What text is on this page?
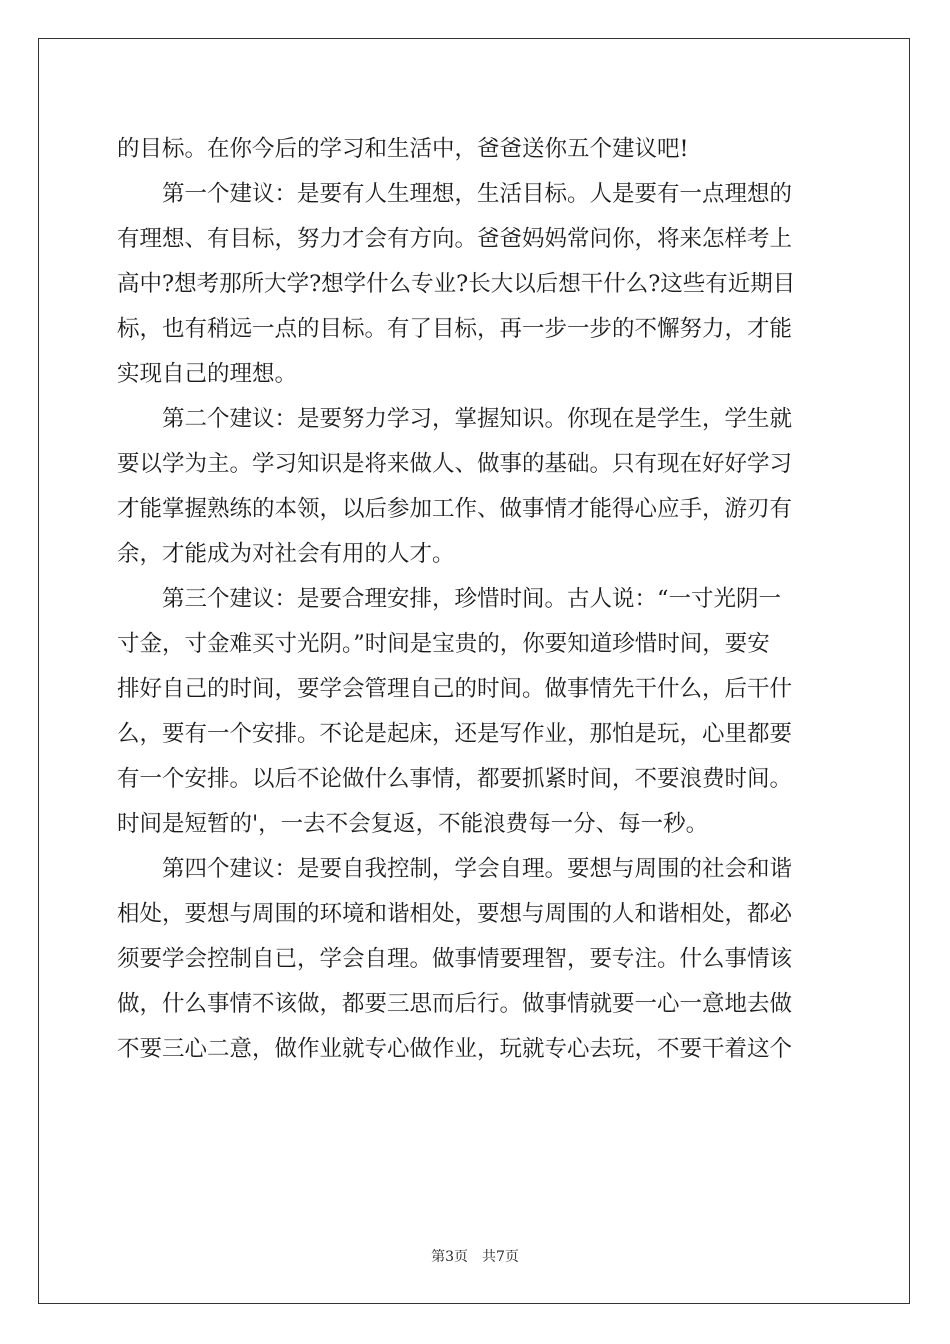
的目标。在你今后的学习和生活中，爸爸送你五个建议吧!
　　第一个建议：是要有人生理想，生活目标。人是要有一点理想的
有理想、有目标，努力才会有方向。爸爸妈妈常问你，将来怎样考上
高中?想考那所大学?想学什么专业?长大以后想干什么?这些有近期目
标，也有稍远一点的目标。有了目标，再一步一步的不懈努力，才能
实现自己的理想。
　　第二个建议：是要努力学习，掌握知识。你现在是学生，学生就
要以学为主。学习知识是将来做人、做事的基础。只有现在好好学习
才能掌握熟练的本领，以后参加工作、做事情才能得心应手，游刃有
余，才能成为对社会有用的人才。
　　第三个建议：是要合理安排，珍惜时间。古人说：“一寸光阴一
寸金，寸金难买寸光阴。”时间是宝贵的，你要知道珍惜时间，要安
排好自己的时间，要学会管理自己的时间。做事情先干什么，后干什
么，要有一个安排。不论是起床，还是写作业，那怕是玩，心里都要
有一个安排。以后不论做什么事情，都要抓紧时间，不要浪费时间。
时间是短暂的'，一去不会复返，不能浪费每一分、每一秒。
　　第四个建议：是要自我控制，学会自理。要想与周围的社会和谐
相处，要想与周围的环境和谐相处，要想与周围的人和谐相处，都必
须要学会控制自已，学会自理。做事情要理智，要专注。什么事情该
做，什么事情不该做，都要三思而后行。做事情就要一心一意地去做
不要三心二意，做作业就专心做作业，玩就专心去玩，不要干着这个
第3页 共7页
